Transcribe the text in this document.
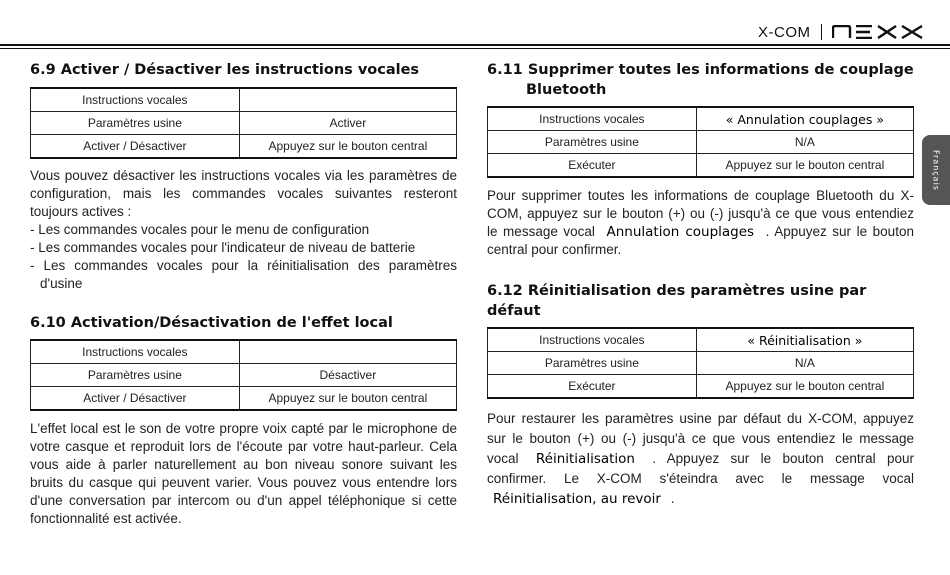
X-COM
Français
6.9 Activer / Désactiver les instructions vocales
Instructions vocales	
Paramètres usine	Activer
Activer / Désactiver	Appuyez sur le bouton central

Vous pouvez désactiver les instructions vocales via les paramètres de configuration, mais les commandes vocales suivantes resteront toujours actives :

- Les commandes vocales pour le menu de configuration
- Les commandes vocales pour l'indicateur de niveau de batterie
- Les commandes vocales pour la réinitialisation des paramètres d'usine
6.10 Activation/Désactivation de l'effet local
Instructions vocales	
Paramètres usine	Désactiver
Activer / Désactiver	Appuyez sur le bouton central

L'effet local est le son de votre propre voix capté par le microphone de votre casque et reproduit lors de l'écoute par votre haut-parleur. Cela vous aide à parler naturellement au bon niveau sonore suivant les bruits du casque qui peuvent varier. Vous pouvez vous entendre lors d'une conversation par intercom ou d'un appel téléphonique si cette fonctionnalité est activée.

6.11 Supprimer toutes les informations de couplage
Bluetooth
Instructions vocales	« Annulation couplages »
Paramètres usine	N/A
Exécuter	Appuyez sur le bouton central

Pour supprimer toutes les informations de couplage Bluetooth du X-COM, appuyez sur le bouton (+) ou (-) jusqu'à ce que vous entendiez le message vocal Annulation couplages . Appuyez sur le bouton central pour confirmer.

6.12 Réinitialisation des paramètres usine par défaut
Instructions vocales	« Réinitialisation »
Paramètres usine	N/A
Exécuter	Appuyez sur le bouton central

Pour restaurer les paramètres usine par défaut du X-COM, appuyez sur le bouton (+) ou (-) jusqu'à ce que vous entendiez le message vocal Réinitialisation . Appuyez sur le bouton central pour confirmer. Le X-COM s'éteindra avec le message vocal Réinitialisation, au revoir .
